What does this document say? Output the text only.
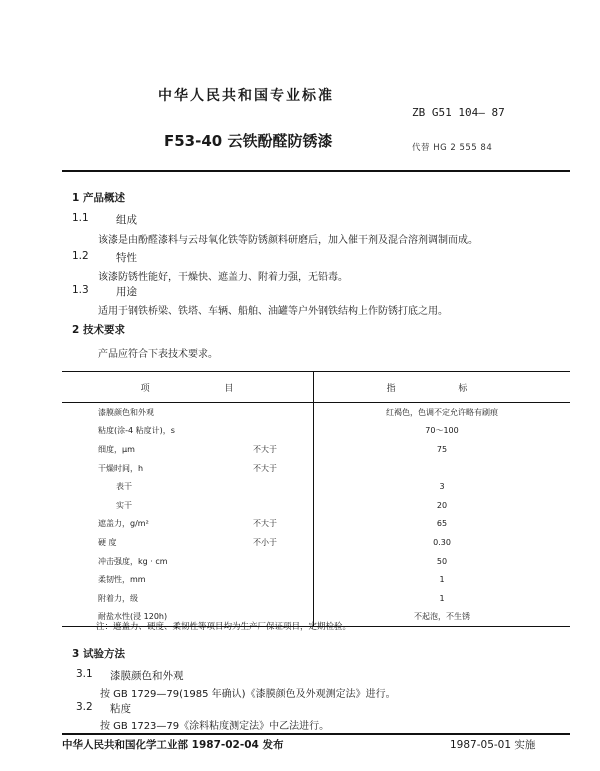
中华人民共和国专业标准
ZB G51 104— 87
F53-40 云铁酚醛防锈漆	代替 HG 2 555 84
1 产品概述
1.1	组成
该漆是由酚醛漆料与云母氧化铁等防锈颜料研磨后，加入催干剂及混合溶剂调制而成。
1.2	特性
该漆防锈性能好，干燥快、遮盖力、附着力强，无铅毒。
1.3	用途
适用于钢铁桥梁、铁塔、车辆、船舶、油罐等户外钢铁结构上作防锈打底之用。
2 技术要求
产品应符合下表技术要求。
项 目		指 标
漆膜颜色和外观		红褐色，色调不定允许略有刷痕
粘度(涂-4 粘度计)，s		70～100
细度，μm	不大于	75
干燥时间，h	不大于	
表干		3
实干		20
遮盖力，g/m²	不大于	65
硬 度	不小于	0.30
冲击强度，kg · cm		50
柔韧性，mm		1
附着力，级		1
耐盐水性(浸 120h)		不起泡，不生锈
注：遮盖力、硬度、柔韧性等项目均为生产厂保证项目，定期检验。
3 试验方法
3.1 漆膜颜色和外观
按 GB 1729—79(1985 年确认)《漆膜颜色及外观测定法》进行。
3.2 粘度
按 GB 1723—79《涂料粘度测定法》中乙法进行。
中华人民共和国化学工业部 1987-02-04 发布	1987-05-01 实施
